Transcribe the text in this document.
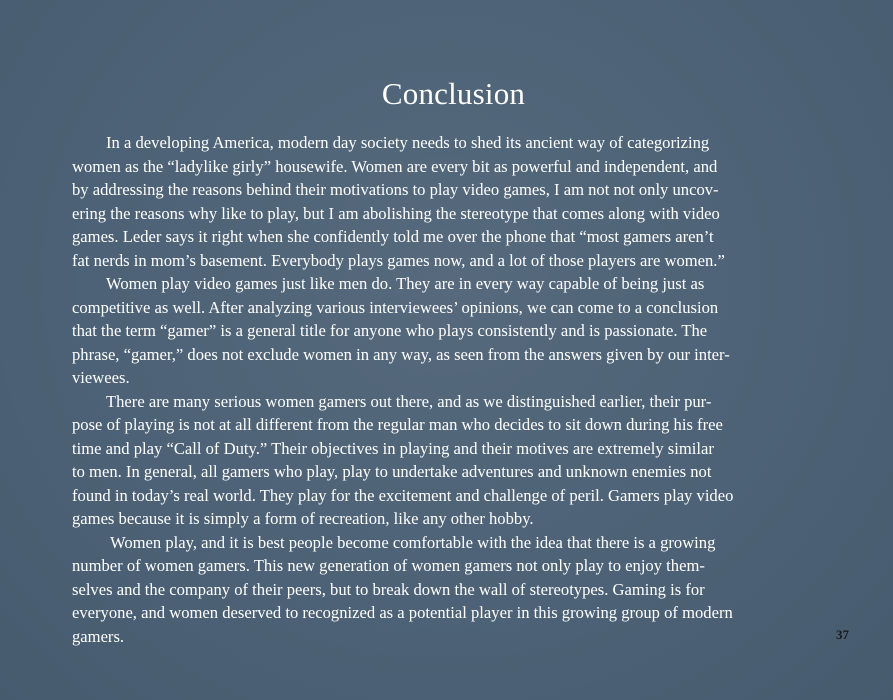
Conclusion
In a developing America, modern day society needs to shed its ancient way of categorizing
women as the “ladylike girly” housewife. Women are every bit as powerful and independent, and
by addressing the reasons behind their motivations to play video games, I am not not only uncov-
ering the reasons why like to play, but I am abolishing the stereotype that comes along with video
games. Leder says it right when she confidently told me over the phone that “most gamers aren’t
fat nerds in mom’s basement. Everybody plays games now, and a lot of those players are women.”
Women play video games just like men do. They are in every way capable of being just as
competitive as well. After analyzing various interviewees’ opinions, we can come to a conclusion
that the term “gamer” is a general title for anyone who plays consistently and is passionate. The
phrase, “gamer,” does not exclude women in any way, as seen from the answers given by our inter-
viewees.
There are many serious women gamers out there, and as we distinguished earlier, their pur-
pose of playing is not at all different from the regular man who decides to sit down during his free
time and play “Call of Duty.” Their objectives in playing and their motives are extremely similar
to men. In general, all gamers who play, play to undertake adventures and unknown enemies not
found in today’s real world. They play for the excitement and challenge of peril. Gamers play video
games because it is simply a form of recreation, like any other hobby.
Women play, and it is best people become comfortable with the idea that there is a growing
number of women gamers. This new generation of women gamers not only play to enjoy them-
selves and the company of their peers, but to break down the wall of stereotypes. Gaming is for
everyone, and women deserved to recognized as a potential player in this growing group of modern
gamers.	37
